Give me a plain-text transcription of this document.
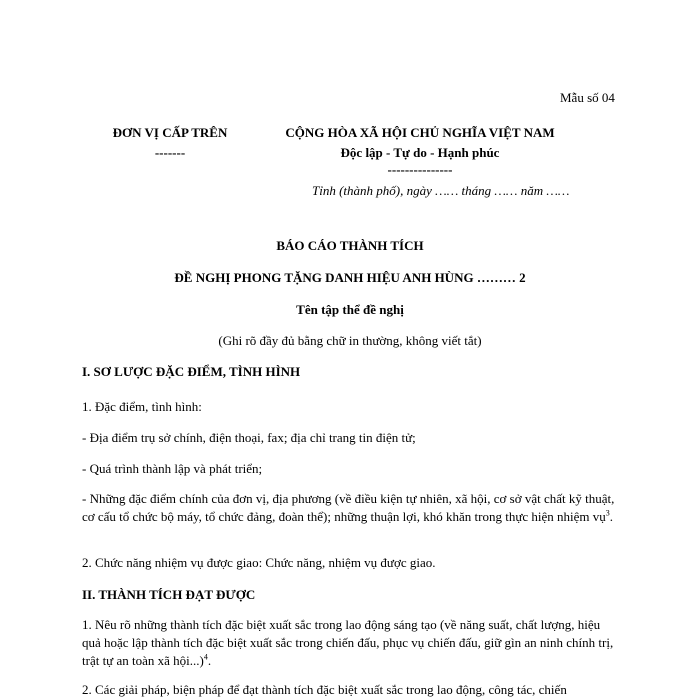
Mẫu số 04
ĐƠN VỊ CẤP TRÊN
-------
CỘNG HÒA XÃ HỘI CHỦ NGHĨA VIỆT NAM
Độc lập - Tự do - Hạnh phúc
---------------
Tỉnh (thành phố), ngày …… tháng …… năm ……
BÁO CÁO THÀNH TÍCH
ĐỀ NGHỊ PHONG TẶNG DANH HIỆU ANH HÙNG ……… 2
Tên tập thể đề nghị
(Ghi rõ đầy đủ bằng chữ in thường, không viết tắt)
I. SƠ LƯỢC ĐẶC ĐIỂM, TÌNH HÌNH
1. Đặc điểm, tình hình:
- Địa điểm trụ sở chính, điện thoại, fax; địa chỉ trang tin điện tử;
- Quá trình thành lập và phát triển;
- Những đặc điểm chính của đơn vị, địa phương (về điều kiện tự nhiên, xã hội, cơ sở vật chất kỹ thuật, cơ cấu tổ chức bộ máy, tổ chức đảng, đoàn thể); những thuận lợi, khó khăn trong thực hiện nhiệm vụ$^3$.
2. Chức năng nhiệm vụ được giao: Chức năng, nhiệm vụ được giao.
II. THÀNH TÍCH ĐẠT ĐƯỢC
1. Nêu rõ những thành tích đặc biệt xuất sắc trong lao động sáng tạo (về năng suất, chất lượng, hiệu quả hoặc lập thành tích đặc biệt xuất sắc trong chiến đấu, phục vụ chiến đấu, giữ gìn an ninh chính trị, trật tự an toàn xã hội...)$^4$.
2. Các giải pháp, biện pháp để đạt thành tích đặc biệt xuất sắc trong lao động, công tác, chiến
